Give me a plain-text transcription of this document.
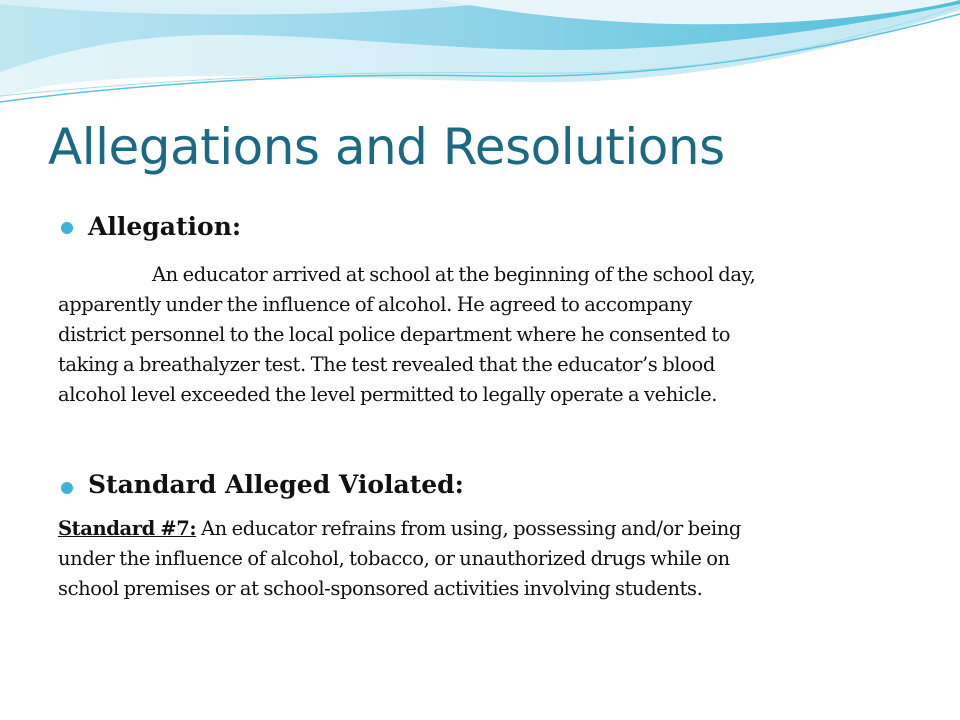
Allegations and Resolutions
Allegation:

An educator arrived at school at the beginning of the school day,
apparently under the influence of alcohol. He agreed to accompany
district personnel to the local police department where he consented to
taking a breathalyzer test. The test revealed that the educator’s blood
alcohol level exceeded the level permitted to legally operate a vehicle.

Standard Alleged Violated:

Standard #7: An educator refrains from using, possessing and/or being
under the influence of alcohol, tobacco, or unauthorized drugs while on
school premises or at school-sponsored activities involving students.
